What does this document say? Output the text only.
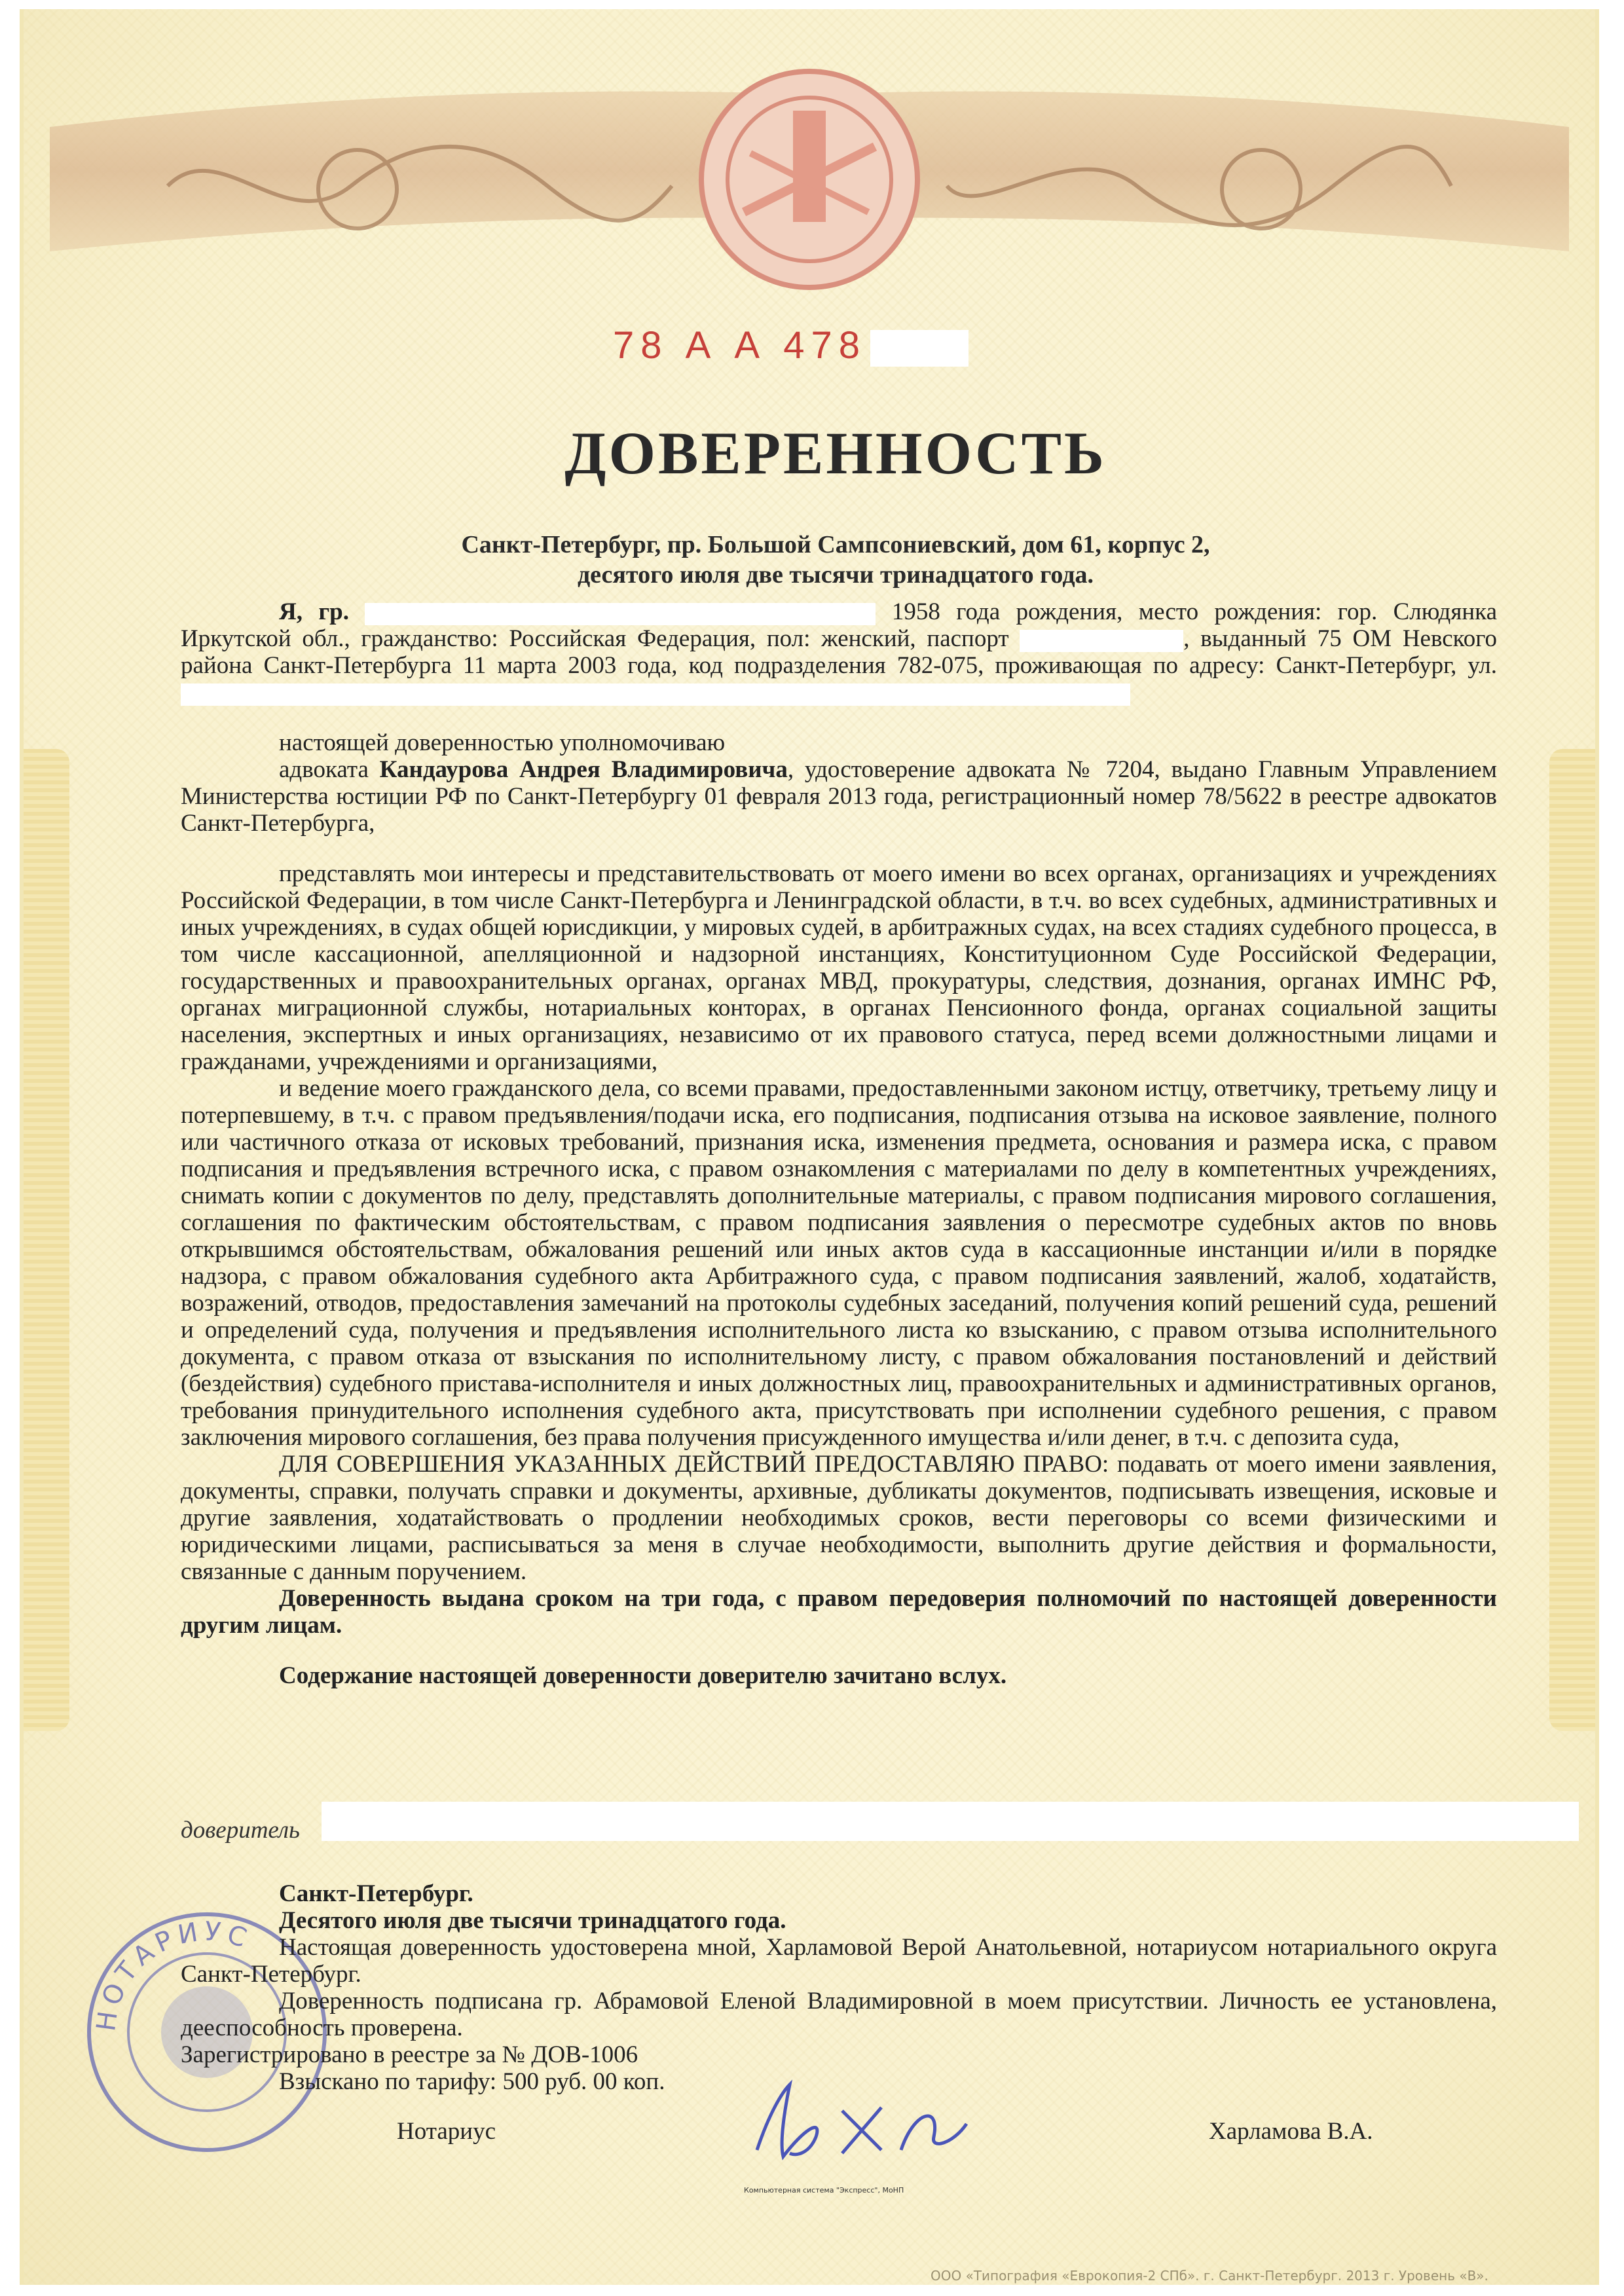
78 А А 478
ДОВЕРЕННОСТЬ
Санкт-Петербург, пр. Большой Сампсониевский, дом 61, корпус 2,
десятого июля две тысячи тринадцатого года.

Я, гр.	1958 года рождения, место рождения: гор. Слюдянка Иркутской обл., гражданство: Российская Федерация, пол: женский, паспорт	, выданный 75 ОМ Невского района Санкт-Петербурга 11 марта 2003 года, код подразделения 782-075, проживающая по адресу: Санкт-Петербург, ул.

настоящей доверенностью уполномочиваю

адвоката Кандаурова Андрея Владимировича, удостоверение адвоката № 7204, выдано Главным Управлением Министерства юстиции РФ по Санкт-Петербургу 01 февраля 2013 года, регистрационный номер 78/5622 в реестре адвокатов Санкт-Петербурга,

представлять мои интересы и представительствовать от моего имени во всех органах, организациях и учреждениях Российской Федерации, в том числе Санкт-Петербурга и Ленинградской области, в т.ч. во всех судебных, административных и иных учреждениях, в судах общей юрисдикции, у мировых судей, в арбитражных судах, на всех стадиях судебного процесса, в том числе кассационной, апелляционной и надзорной инстанциях, Конституционном Суде Российской Федерации, государственных и правоохранительных органах, органах МВД, прокуратуры, следствия, дознания, органах ИМНС РФ, органах миграционной службы, нотариальных конторах, в органах Пенсионного фонда, органах социальной защиты населения, экспертных и иных организациях, независимо от их правового статуса, перед всеми должностными лицами и гражданами, учреждениями и организациями,

и ведение моего гражданского дела, со всеми правами, предоставленными законом истцу, ответчику, третьему лицу и потерпевшему, в т.ч. с правом предъявления/подачи иска, его подписания, подписания отзыва на исковое заявление, полного или частичного отказа от исковых требований, признания иска, изменения предмета, основания и размера иска, с правом подписания и предъявления встречного иска, с правом ознакомления с материалами по делу в компетентных учреждениях, снимать копии с документов по делу, представлять дополнительные материалы, с правом подписания мирового соглашения, соглашения по фактическим обстоятельствам, с правом подписания заявления о пересмотре судебных актов по вновь открывшимся обстоятельствам, обжалования решений или иных актов суда в кассационные инстанции и/или в порядке надзора, с правом обжалования судебного акта Арбитражного суда, с правом подписания заявлений, жалоб, ходатайств, возражений, отводов, предоставления замечаний на протоколы судебных заседаний, получения копий решений суда, решений и определений суда, получения и предъявления исполнительного листа ко взысканию, с правом отзыва исполнительного документа, с правом отказа от взыскания по исполнительному листу, с правом обжалования постановлений и действий (бездействия) судебного пристава-исполнителя и иных должностных лиц, правоохранительных и административных органов, требования принудительного исполнения судебного акта, присутствовать при исполнении судебного решения, с правом заключения мирового соглашения, без права получения присужденного имущества и/или денег, в т.ч. с депозита суда,

ДЛЯ СОВЕРШЕНИЯ УКАЗАННЫХ ДЕЙСТВИЙ ПРЕДОСТАВЛЯЮ ПРАВО: подавать от моего имени заявления, документы, справки, получать справки и документы, архивные, дубликаты документов, подписывать извещения, исковые и другие заявления, ходатайствовать о продлении необходимых сроков, вести переговоры со всеми физическими и юридическими лицами, расписываться за меня в случае необходимости, выполнить другие действия и формальности, связанные с данным поручением.

Доверенность выдана сроком на три года, с правом передоверия полномочий по настоящей доверенности другим лицам.

Содержание настоящей доверенности доверителю зачитано вслух.

доверитель
НОТАРИУС

Санкт-Петербург.

Десятого июля две тысячи тринадцатого года.

Настоящая доверенность удостоверена мной, Харламовой Верой Анатольевной, нотариусом нотариального округа Санкт-Петербург.

Доверенность подписана гр. Абрамовой Еленой Владимировной в моем присутствии. Личность ее установлена, дееспособность проверена.

Зарегистрировано в реестре за № ДОВ-1006

Взыскано по тарифу: 500 руб. 00 коп.

Нотариус	Харламова В.А.
Компьютерная система "Экспресс", МоНП
ООО «Типография «Еврокопия-2 СПб». г. Санкт-Петербург. 2013 г. Уровень «В».
